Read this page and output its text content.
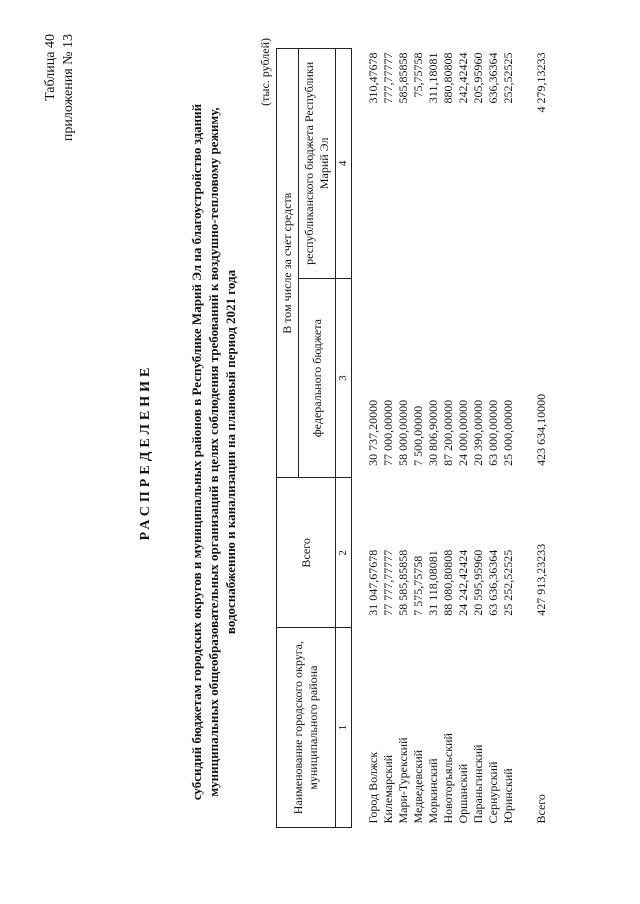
Таблица 40 приложения № 13
РАСПРЕДЕЛЕНИЕ	субсидий бюджетам городских округов и муниципальных районов в Республике Марий Эл на благоустройство зданий муниципальных общеобразовательных организаций в целях соблюдения требований к воздушно-тепловому режиму, водоснабжению и канализации на плановый период 2021 года
(тыс. рублей)
Наименование городского округа, муниципального района	Всего	В том числе за счет средств	
		федерального бюджета	республиканского бюджета Республики Марий Эл
1	2	3	4

Город Волжск	31 047,67678	30 737,20000	310,47678
Килемарский	77 777,77777	77 000,00000	777,77777
Мари-Турекский	58 585,85858	58 000,00000	585,85858
Медведевский	7 575,75758	7 500,00000	75,75758
Моркинский	31 118,08081	30 806,90000	311,18081
Новоторъяльский	88 080,80808	87 200,00000	880,80808
Оршанский	24 242,42424	24 000,00000	242,42424
Параньгинский	20 595,95960	20 390,00000	205,95960
Сернурский	63 636,36364	63 000,00000	636,36364
Юринский	25 252,52525	25 000,00000	252,52525

Всего	427 913,23233	423 634,10000	4 279,13233
